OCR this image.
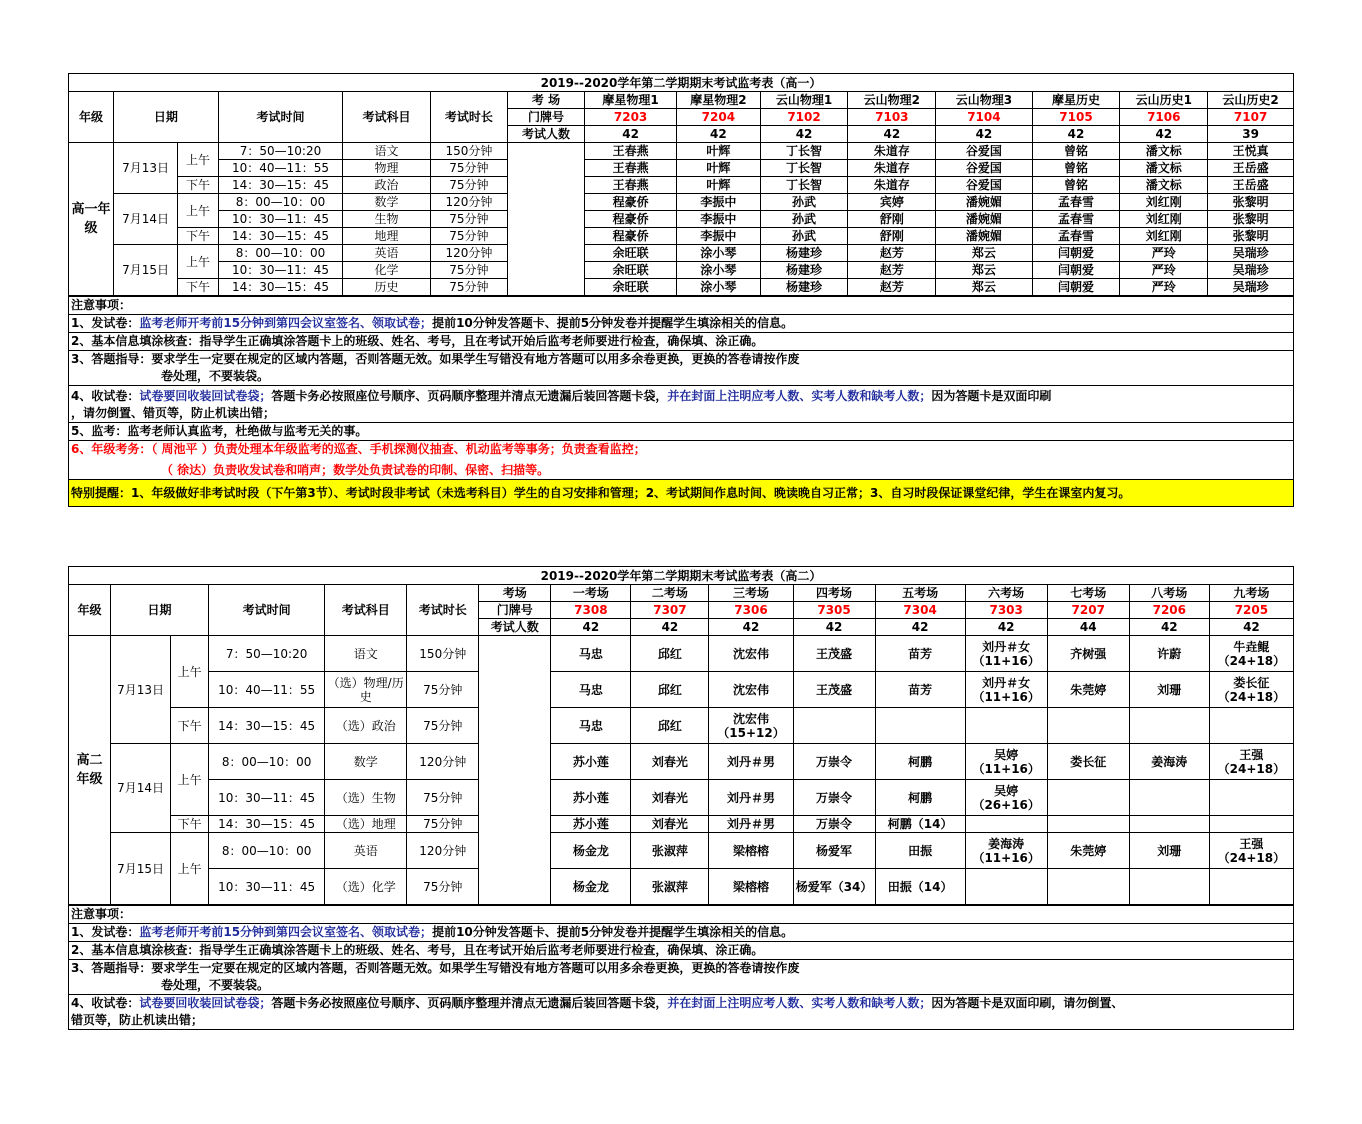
2019--2020学年第二学期期末考试监考表（高一）														
年级	日期		考试时间	考试科目	考试时长	考 场	摩星物理1	摩星物理2	云山物理1	云山物理2	云山物理3	摩星历史	云山历史1	云山历史2
						门牌号	7203	7204	7102	7103	7104	7105	7106	7107
						考试人数	42	42	42	42	42	42	42	39
高一年级	7月13日	上午	7：50—10:20	语文	150分钟		王春燕	叶辉	丁长智	朱道存	谷爱国	曾铭	潘文标	王悦真
			10：40—11：55	物理	75分钟		王春燕	叶辉	丁长智	朱道存	谷爱国	曾铭	潘文标	王岳盛
		下午	14：30—15：45	政治	75分钟		王春燕	叶辉	丁长智	朱道存	谷爱国	曾铭	潘文标	王岳盛
	7月14日	上午	8：00—10：00	数学	120分钟		程豪侨	李振中	孙武	宾婷	潘婉媚	孟春雪	刘红刚	张黎明
			10：30—11：45	生物	75分钟		程豪侨	李振中	孙武	舒刚	潘婉媚	孟春雪	刘红刚	张黎明
		下午	14：30—15：45	地理	75分钟		程豪侨	李振中	孙武	舒刚	潘婉媚	孟春雪	刘红刚	张黎明
	7月15日	上午	8：00—10：00	英语	120分钟		余旺联	涂小琴	杨建珍	赵芳	郑云	闫朝爱	严玲	吴瑞珍
			10：30—11：45	化学	75分钟		余旺联	涂小琴	杨建珍	赵芳	郑云	闫朝爱	严玲	吴瑞珍
		下午	14：30—15：45	历史	75分钟		余旺联	涂小琴	杨建珍	赵芳	郑云	闫朝爱	严玲	吴瑞珍
注意事项：
1、发试卷：监考老师开考前15分钟到第四会议室签名、领取试卷；提前10分钟发答题卡、提前5分钟发卷并提醒学生填涂相关的信息。
2、基本信息填涂核查：指导学生正确填涂答题卡上的班级、姓名、考号，且在考试开始后监考老师要进行检查，确保填、涂正确。
3、答题指导：要求学生一定要在规定的区域内答题，否则答题无效。如果学生写错没有地方答题可以用多余卷更换，更换的答卷请按作废
卷处理，不要装袋。
4、收试卷：试卷要回收装回试卷袋；答题卡务必按照座位号顺序、页码顺序整理并清点无遗漏后装回答题卡袋，并在封面上注明应考人数、实考人数和缺考人数；因为答题卡是双面印刷
，请勿倒置、错页等，防止机读出错；
5、监考：监考老师认真监考，杜绝做与监考无关的事。
6、年级考务：（ 周池平 ）负责处理本年级监考的巡查、手机探测仪抽查、机动监考等事务；负责查看监控；
（ 徐达）负责收发试卷和哨声；数学处负责试卷的印制、保密、扫描等。
特别提醒：1、年级做好非考试时段（下午第3节）、考试时段非考试（未选考科目）学生的自习安排和管理；2、考试期间作息时间、晚读晚自习正常；3、自习时段保证课堂纪律，学生在课室内复习。
2019--2020学年第二学期期末考试监考表（高二）															
年级	日期		考试时间	考试科目	考试时长	考场	一考场	二考场	三考场	四考场	五考场	六考场	七考场	八考场	九考场
						门牌号	7308	7307	7306	7305	7304	7303	7207	7206	7205
						考试人数	42	42	42	42	42	42	44	42	42
高二年级	7月13日	上午	7：50—10:20	语文	150分钟		马忠	邱红	沈宏伟	王茂盛	苗芳	刘丹＃女（11+16）	齐树强	许蔚	牛垚鲲（24+18）
			10：40—11：55	（选）物理/历史	75分钟		马忠	邱红	沈宏伟	王茂盛	苗芳	刘丹＃女（11+16）	朱莞婷	刘珊	娄长征（24+18）
		下午	14：30—15：45	（选）政治	75分钟		马忠	邱红	沈宏伟（15+12）						
	7月14日	上午	8：00—10：00	数学	120分钟		苏小莲	刘春光	刘丹＃男	万崇令	柯鹏	吴婷（11+16）	娄长征	姜海涛	王强（24+18）
			10：30—11：45	（选）生物	75分钟		苏小莲	刘春光	刘丹＃男	万崇令	柯鹏	吴婷（26+16）			
		下午	14：30—15：45	（选）地理	75分钟		苏小莲	刘春光	刘丹＃男	万崇令	柯鹏（14）				
	7月15日	上午	8：00—10：00	英语	120分钟		杨金龙	张淑萍	梁榕榕	杨爱军	田振	姜海涛（11+16）	朱莞婷	刘珊	王强（24+18）
			10：30—11：45	（选）化学	75分钟		杨金龙	张淑萍	梁榕榕	杨爱军（34）	田振（14）				
注意事项：
1、发试卷：监考老师开考前15分钟到第四会议室签名、领取试卷；提前10分钟发答题卡、提前5分钟发卷并提醒学生填涂相关的信息。
2、基本信息填涂核查：指导学生正确填涂答题卡上的班级、姓名、考号，且在考试开始后监考老师要进行检查，确保填、涂正确。
3、答题指导：要求学生一定要在规定的区域内答题，否则答题无效。如果学生写错没有地方答题可以用多余卷更换，更换的答卷请按作废
卷处理，不要装袋。
4、收试卷：试卷要回收装回试卷袋；答题卡务必按照座位号顺序、页码顺序整理并清点无遗漏后装回答题卡袋，并在封面上注明应考人数、实考人数和缺考人数；因为答题卡是双面印刷，请勿倒置、
错页等，防止机读出错；
